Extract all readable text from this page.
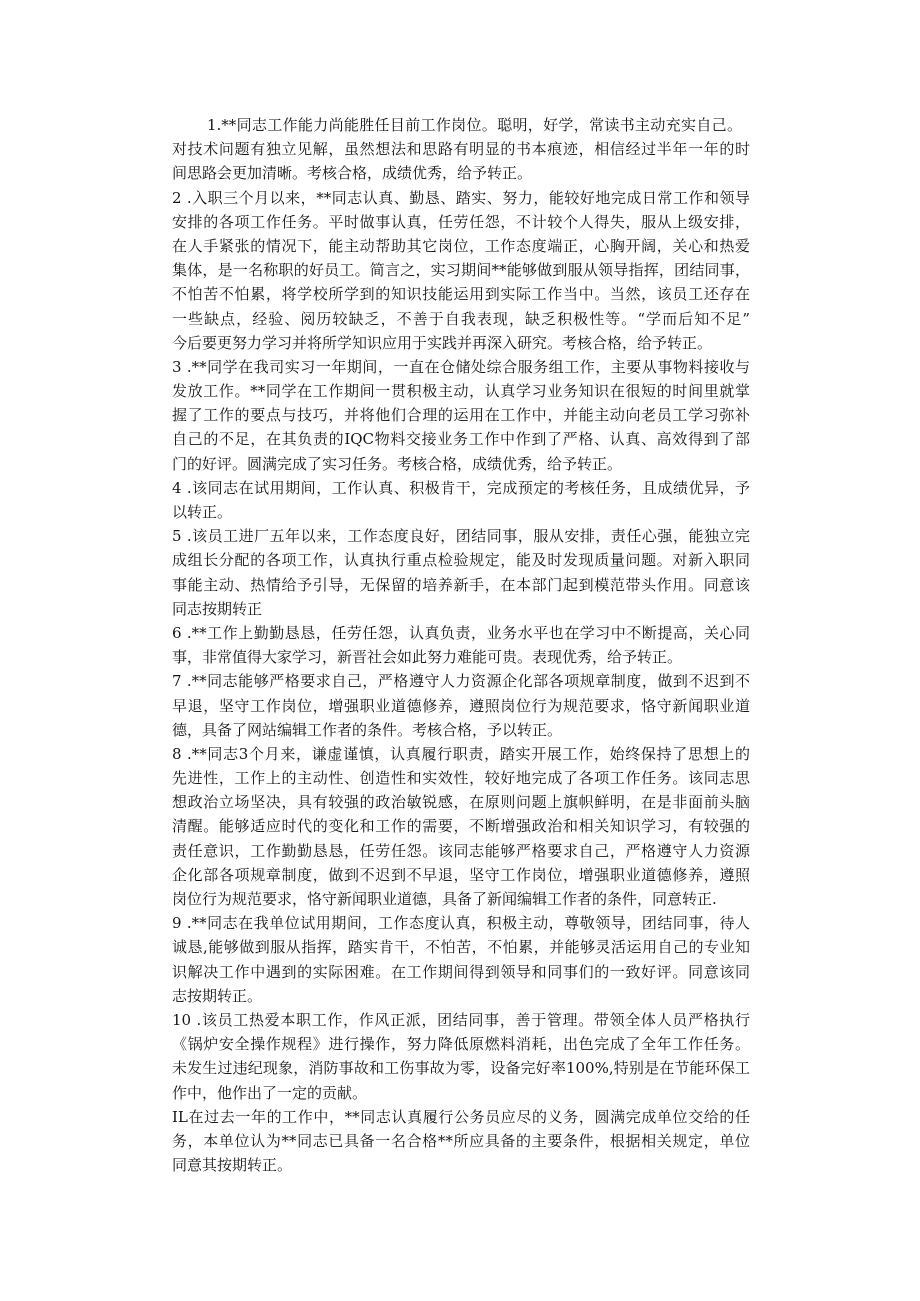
1.**同志工作能力尚能胜任目前工作岗位。聪明，好学，常读书主动充实自己。
对技术问题有独立见解，虽然想法和思路有明显的书本痕迹，相信经过半年一年的时
间思路会更加清晰。考核合格，成绩优秀，给予转正。
2 .入职三个月以来，**同志认真、勤恳、踏实、努力，能较好地完成日常工作和领导
安排的各项工作任务。平时做事认真，任劳任怨，不计较个人得失，服从上级安排，
在人手紧张的情况下，能主动帮助其它岗位，工作态度端正，心胸开阔，关心和热爱
集体，是一名称职的好员工。简言之，实习期间**能够做到服从领导指挥，团结同事，
不怕苦不怕累，将学校所学到的知识技能运用到实际工作当中。当然，该员工还存在
一些缺点，经验、阅历较缺乏，不善于自我表现，缺乏积极性等。“学而后知不足”
今后要更努力学习并将所学知识应用于实践并再深入研究。考核合格，给予转正。
3 .**同学在我司实习一年期间，一直在仓储处综合服务组工作，主要从事物料接收与
发放工作。**同学在工作期间一贯积极主动，认真学习业务知识在很短的时间里就掌
握了工作的要点与技巧，并将他们合理的运用在工作中，并能主动向老员工学习弥补
自己的不足，在其负责的IQC物料交接业务工作中作到了严格、认真、高效得到了部
门的好评。圆满完成了实习任务。考核合格，成绩优秀，给予转正。
4 .该同志在试用期间，工作认真、积极肯干，完成预定的考核任务，且成绩优异，予
以转正。
5 .该员工进厂五年以来，工作态度良好，团结同事，服从安排，责任心强，能独立完
成组长分配的各项工作，认真执行重点检验规定，能及时发现质量问题。对新入职同
事能主动、热情给予引导，无保留的培养新手，在本部门起到模范带头作用。同意该
同志按期转正
6 .**工作上勤勤恳恳，任劳任怨，认真负责，业务水平也在学习中不断提高，关心同
事，非常值得大家学习，新晋社会如此努力难能可贵。表现优秀，给予转正。
7 .**同志能够严格要求自己，严格遵守人力资源企化部各项规章制度，做到不迟到不
早退，坚守工作岗位，增强职业道德修养，遵照岗位行为规范要求，恪守新闻职业道
德，具备了网站编辑工作者的条件。考核合格，予以转正。
8 .**同志3个月来，谦虚谨慎，认真履行职责，踏实开展工作，始终保持了思想上的
先进性，工作上的主动性、创造性和实效性，较好地完成了各项工作任务。该同志思
想政治立场坚决，具有较强的政治敏锐感，在原则问题上旗帜鲜明，在是非面前头脑
清醒。能够适应时代的变化和工作的需要，不断增强政治和相关知识学习，有较强的
责任意识，工作勤勤恳恳，任劳任怨。该同志能够严格要求自己，严格遵守人力资源
企化部各项规章制度，做到不迟到不早退，坚守工作岗位，增强职业道德修养，遵照
岗位行为规范要求，恪守新闻职业道德，具备了新闻编辑工作者的条件，同意转正.
9 .**同志在我单位试用期间，工作态度认真，积极主动，尊敬领导，团结同事，待人
诚恳,能够做到服从指挥，踏实肯干，不怕苦，不怕累，并能够灵活运用自己的专业知
识解决工作中遇到的实际困难。在工作期间得到领导和同事们的一致好评。同意该同
志按期转正。
10 .该员工热爱本职工作，作风正派，团结同事，善于管理。带领全体人员严格执行
《锅炉安全操作规程》进行操作，努力降低原燃料消耗，出色完成了全年工作任务。
未发生过违纪现象，消防事故和工伤事故为零，设备完好率100%,特别是在节能环保工
作中，他作出了一定的贡献。
IL在过去一年的工作中，**同志认真履行公务员应尽的义务，圆满完成单位交给的任
务，本单位认为**同志已具备一名合格**所应具备的主要条件，根据相关规定，单位
同意其按期转正。
